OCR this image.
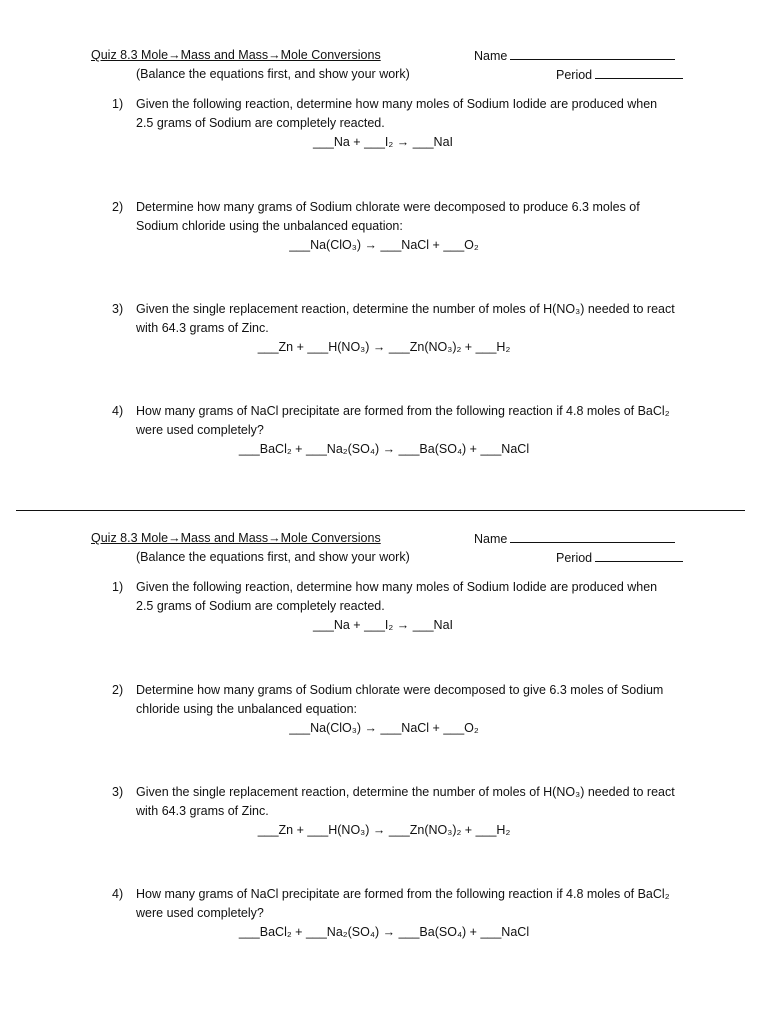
Quiz 8.3 Mole→Mass and Mass→Mole Conversions	Name
(Balance the equations first, and show your work)	Period
1) Given the following reaction, determine how many moles of Sodium Iodide are produced when 2.5 grams of Sodium are completely reacted.
___Na + ___I₂ → ___NaI
2) Determine how many grams of Sodium chlorate were decomposed to produce 6.3 moles of Sodium chloride using the unbalanced equation:
___Na(ClO₃) → ___NaCl + ___O₂
3) Given the single replacement reaction, determine the number of moles of H(NO₃) needed to react with 64.3 grams of Zinc.
___Zn + ___H(NO₃) → ___Zn(NO₃)₂ + ___H₂
4) How many grams of NaCl precipitate are formed from the following reaction if 4.8 moles of BaCl₂ were used completely?
___BaCl₂ + ___Na₂(SO₄) → ___Ba(SO₄) + ___NaCl
Quiz 8.3 Mole→Mass and Mass→Mole Conversions	Name
(Balance the equations first, and show your work)	Period
1) Given the following reaction, determine how many moles of Sodium Iodide are produced when 2.5 grams of Sodium are completely reacted.
___Na + ___I₂ → ___NaI
2) Determine how many grams of Sodium chlorate were decomposed to give 6.3 moles of Sodium chloride using the unbalanced equation:
___Na(ClO₃) → ___NaCl + ___O₂
3) Given the single replacement reaction, determine the number of moles of H(NO₃) needed to react with 64.3 grams of Zinc.
___Zn + ___H(NO₃) → ___Zn(NO₃)₂ + ___H₂
4) How many grams of NaCl precipitate are formed from the following reaction if 4.8 moles of BaCl₂ were used completely?
___BaCl₂ + ___Na₂(SO₄) → ___Ba(SO₄) + ___NaCl
